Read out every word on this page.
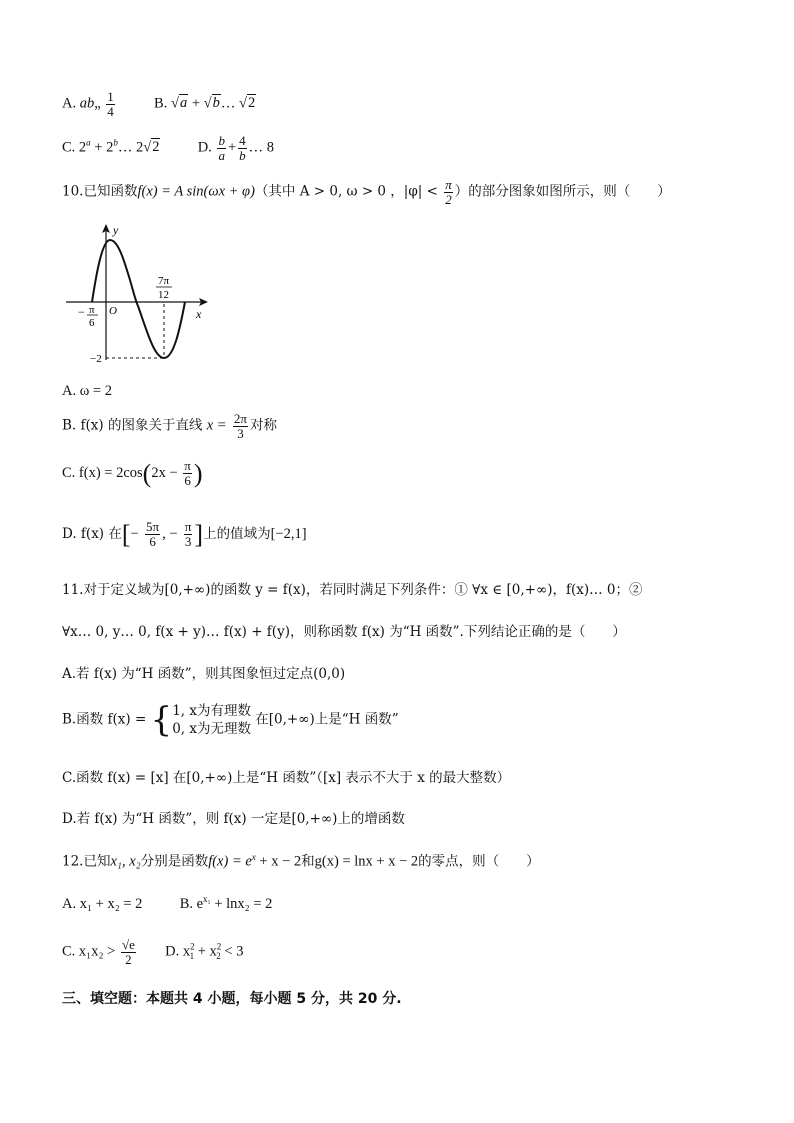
A. ab„ $\frac{1}{4}$	B. √a + √b… √2
C. $2^a$ + $2^b\dots$ 2√2	D. $\frac{b}{a} + \frac{4}{b}$ … 8
10.已知函数f(x) = A sin(ωx + φ)（其中 A > 0, ω > 0 ，$|\varphi| < \frac{\pi}{2}$ ）的部分图象如图所示，则（　　）
y
x
O
− π
6
7π
12
−2
A. ω = 2
B. f(x) 的图象关于直线 $x = \frac{2\pi}{3}$ 对称
C. $f(x) = 2\cos(2x - \frac{\pi}{6}$ )
D. f(x) 在[− $\frac{5\pi}{6}$ , − $\frac{\pi}{3}$ ]上的值域为[−2,1]
11.对于定义域为[0,+∞)的函数 y = f(x)，若同时满足下列条件：① ∀x ∈ [0,+∞)，f(x)… 0；②
∀x… 0, y… 0, f(x + y)… f(x) + f(y)，则称函数 f(x) 为“H 函数”.下列结论正确的是（　　）
A.若 f(x) 为“H 函数”，则其图象恒过定点(0,0)
B.函数 f(x) = {1, x为有理数
0, x为无理数 在[0,+∞)上是“H 函数”
C.函数 f(x) = [x] 在[0,+∞)上是“H 函数”（[x] 表示不大于 x 的最大整数）
D.若 f(x) 为“H 函数”，则 f(x) 一定是[0,+∞)上的增函数
12.已知x₁, x₂分别是函数$f(x) = e^x + x - 2$和g(x) = lnx + x − 2的零点，则（　　）
A. x₁ + x₂ = 2	B. $e^{x_1} + \ln x_2 = 2$
C. $x_1x_2 > \frac{√e}{2} D$. $x^2_1 + x^2_2 < 3$
三、填空题：本题共 4 小题，每小题 5 分，共 20 分.
